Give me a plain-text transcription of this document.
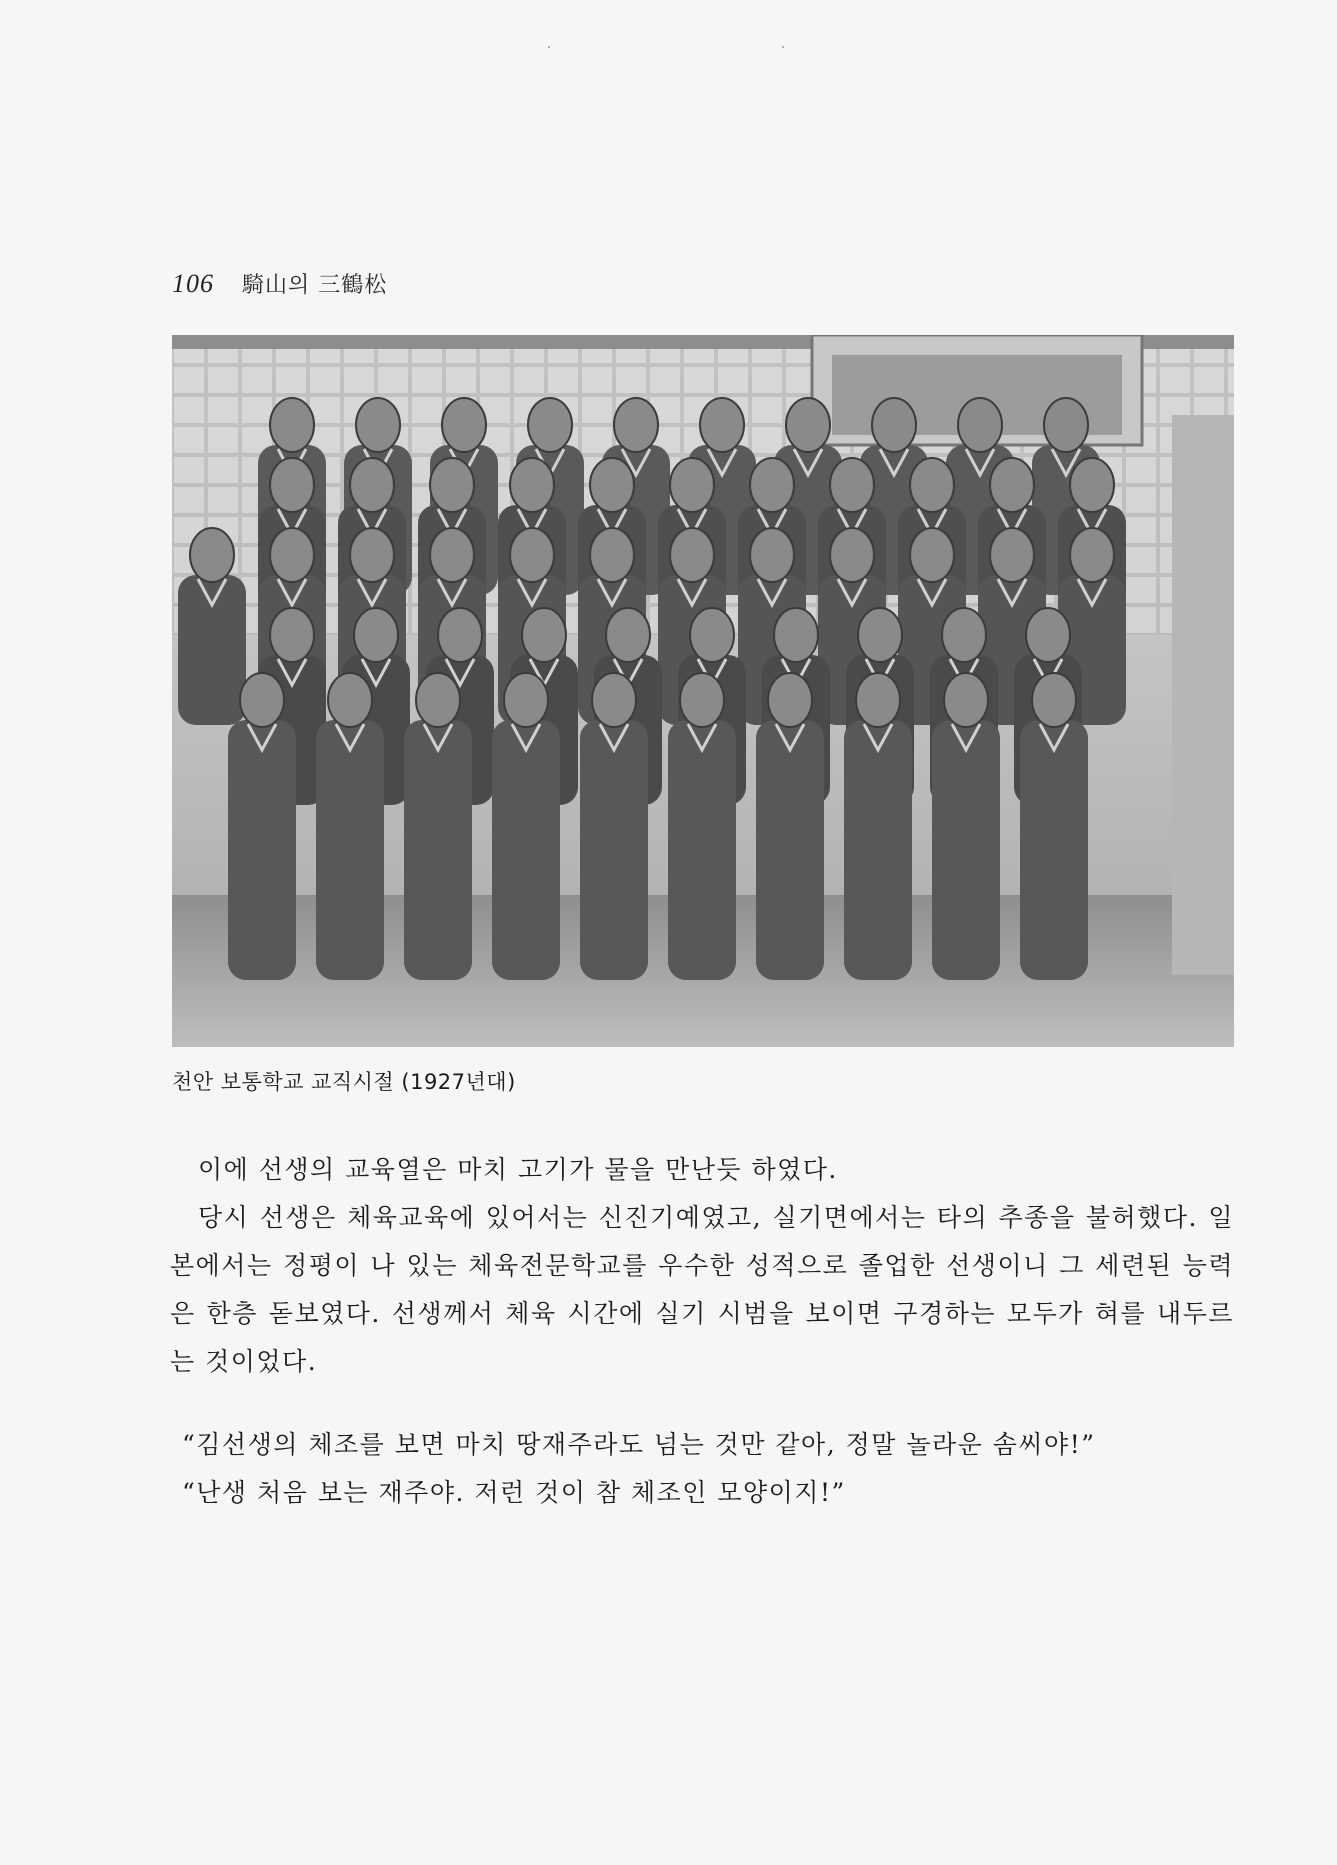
106 騎山의 三鶴松
천안 보통학교 교직시절 (1927년대)

이에 선생의 교육열은 마치 고기가 물을 만난듯 하였다.

당시 선생은 체육교육에 있어서는 신진기예였고, 실기면에서는 타의 추종을 불허했다. 일본에서는 정평이 나 있는 체육전문학교를 우수한 성적으로 졸업한 선생이니 그 세련된 능력은 한층 돋보였다. 선생께서 체육 시간에 실기 시범을 보이면 구경하는 모두가 혀를 내두르는 것이었다.

“김선생의 체조를 보면 마치 땅재주라도 넘는 것만 같아, 정말 놀라운 솜씨야!”

“난생 처음 보는 재주야. 저런 것이 참 체조인 모양이지!”
